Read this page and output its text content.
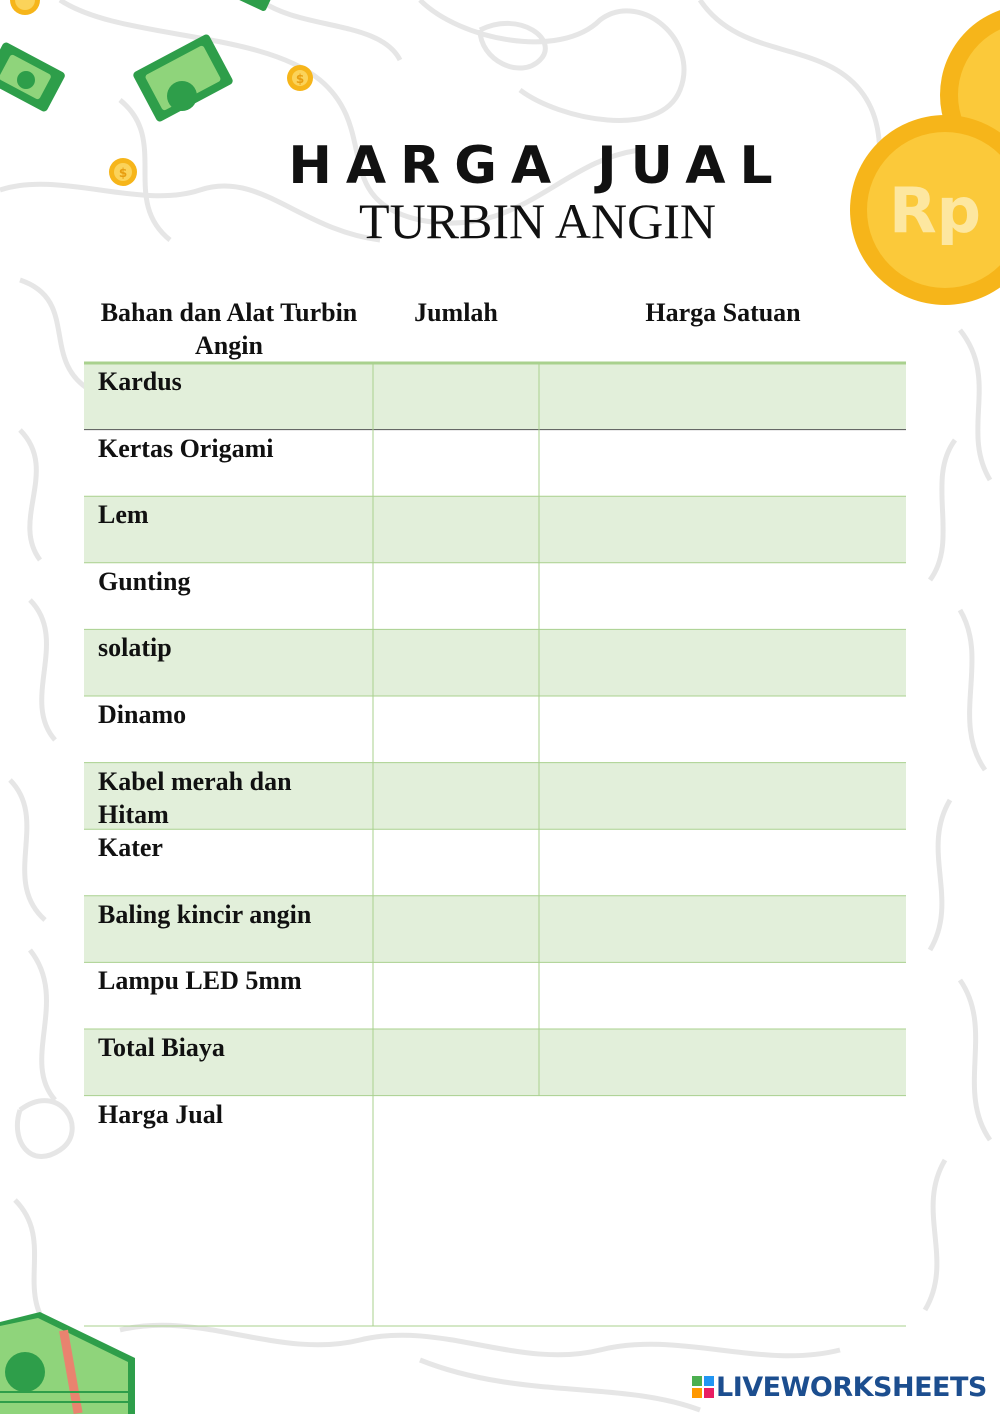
$
$
Rp
HARGA JUAL
TURBIN ANGIN
Bahan dan Alat Turbin Angin
Jumlah	Harga Satuan
Kardus
Kertas Origami
Lem
Gunting
solatip
Dinamo
Kabel merah dan Hitam
Kater
Baling kincir angin
Lampu LED 5mm
Total Biaya
Harga Jual
LIVEWORKSHEETS
